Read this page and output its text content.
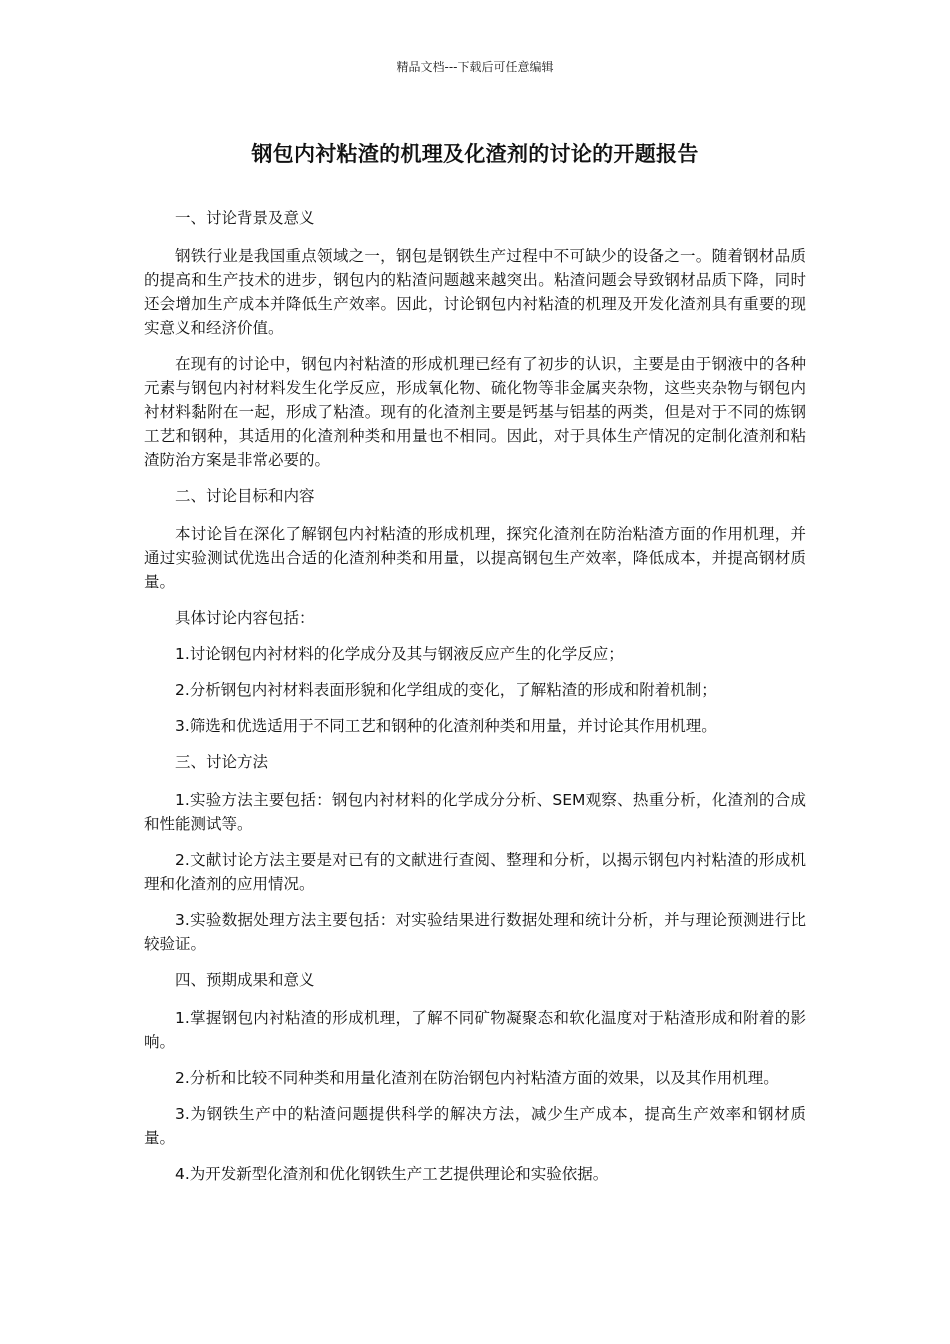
精品文档---下载后可任意编辑
钢包内衬粘渣的机理及化渣剂的讨论的开题报告

一、讨论背景及意义

钢铁行业是我国重点领域之一，钢包是钢铁生产过程中不可缺少的设备之一。随着钢材品质的提高和生产技术的进步，钢包内的粘渣问题越来越突出。粘渣问题会导致钢材品质下降，同时还会增加生产成本并降低生产效率。因此，讨论钢包内衬粘渣的机理及开发化渣剂具有重要的现实意义和经济价值。

在现有的讨论中，钢包内衬粘渣的形成机理已经有了初步的认识，主要是由于钢液中的各种元素与钢包内衬材料发生化学反应，形成氧化物、硫化物等非金属夹杂物，这些夹杂物与钢包内衬材料黏附在一起，形成了粘渣。现有的化渣剂主要是钙基与铝基的两类，但是对于不同的炼钢工艺和钢种，其适用的化渣剂种类和用量也不相同。因此，对于具体生产情况的定制化渣剂和粘渣防治方案是非常必要的。

二、讨论目标和内容

本讨论旨在深化了解钢包内衬粘渣的形成机理，探究化渣剂在防治粘渣方面的作用机理，并通过实验测试优选出合适的化渣剂种类和用量，以提高钢包生产效率，降低成本，并提高钢材质量。

具体讨论内容包括：

1.讨论钢包内衬材料的化学成分及其与钢液反应产生的化学反应；

2.分析钢包内衬材料表面形貌和化学组成的变化，了解粘渣的形成和附着机制；

3.筛选和优选适用于不同工艺和钢种的化渣剂种类和用量，并讨论其作用机理。

三、讨论方法

1.实验方法主要包括：钢包内衬材料的化学成分分析、SEM观察、热重分析，化渣剂的合成和性能测试等。

2.文献讨论方法主要是对已有的文献进行查阅、整理和分析，以揭示钢包内衬粘渣的形成机理和化渣剂的应用情况。

3.实验数据处理方法主要包括：对实验结果进行数据处理和统计分析，并与理论预测进行比较验证。

四、预期成果和意义

1.掌握钢包内衬粘渣的形成机理，了解不同矿物凝聚态和软化温度对于粘渣形成和附着的影响。

2.分析和比较不同种类和用量化渣剂在防治钢包内衬粘渣方面的效果，以及其作用机理。

3.为钢铁生产中的粘渣问题提供科学的解决方法，减少生产成本，提高生产效率和钢材质量。

4.为开发新型化渣剂和优化钢铁生产工艺提供理论和实验依据。
